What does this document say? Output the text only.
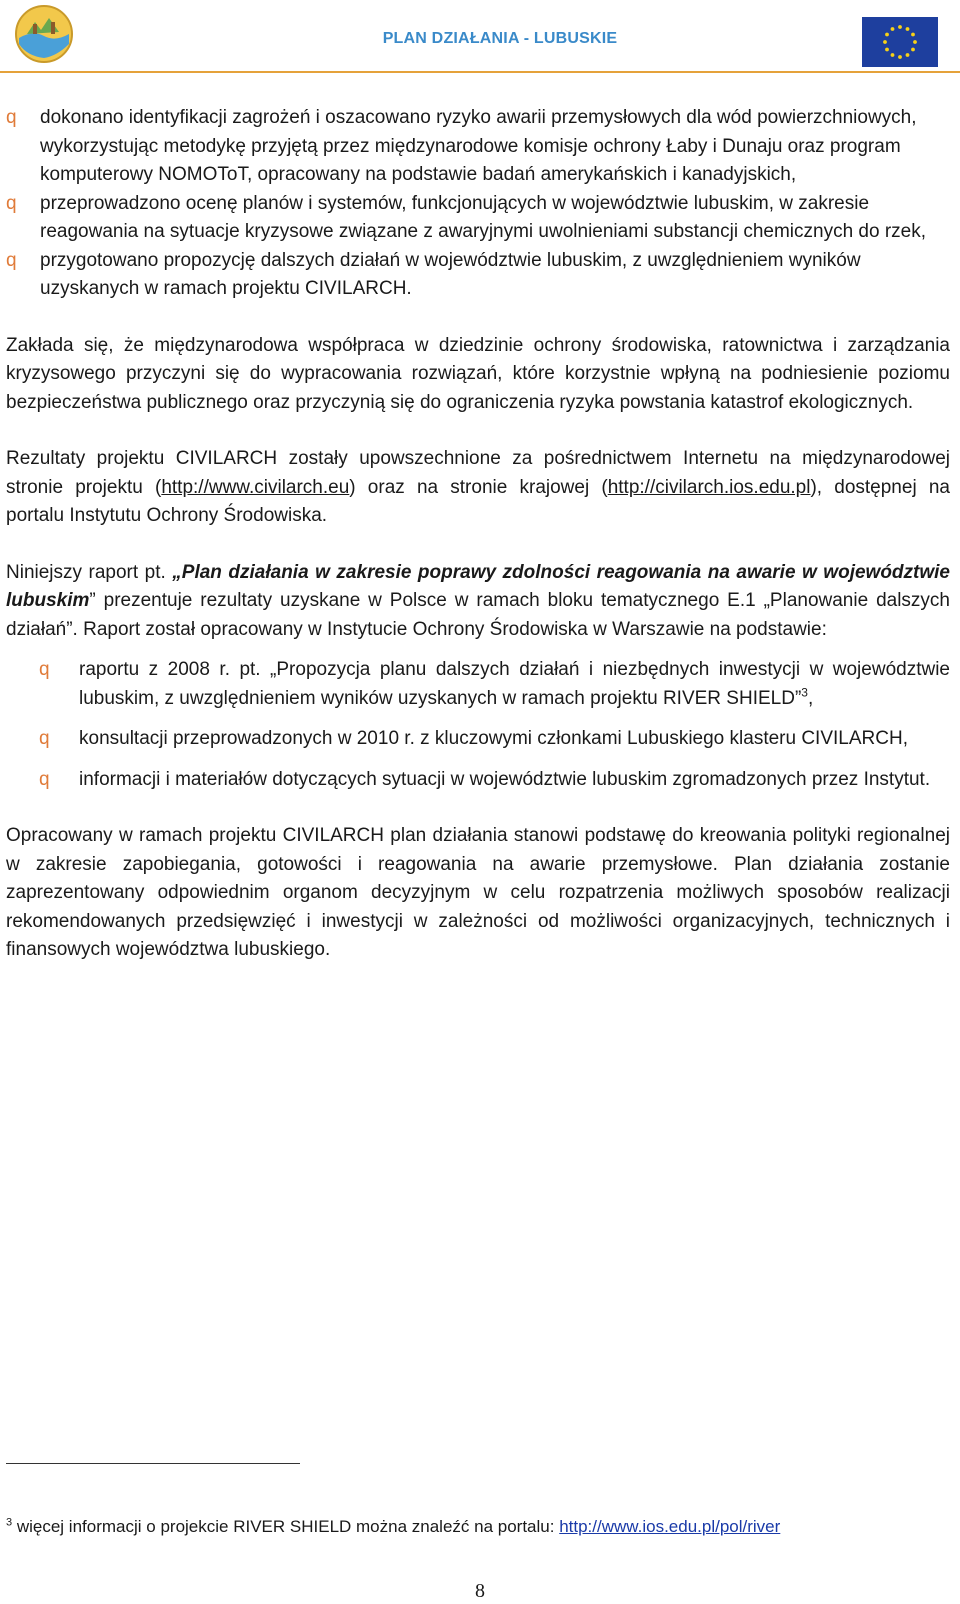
PLAN DZIAŁANIA - LUBUSKIE
q dokonano identyfikacji zagrożeń i oszacowano ryzyko awarii przemysłowych dla wód powierzchniowych, wykorzystując metodykę przyjętą przez międzynarodowe komisje ochrony Łaby i Dunaju oraz program komputerowy NOMOToT, opracowany na podstawie badań amerykańskich i kanadyjskich,
q przeprowadzono ocenę planów i systemów, funkcjonujących w województwie lubuskim, w zakresie reagowania na sytuacje kryzysowe związane z awaryjnymi uwolnieniami substancji chemicznych do rzek,
q przygotowano propozycję dalszych działań w województwie lubuskim, z uwzględnieniem wyników uzyskanych w ramach projektu CIVILARCH.

Zakłada się, że międzynarodowa współpraca w dziedzinie ochrony środowiska, ratownictwa i zarządzania kryzysowego przyczyni się do wypracowania rozwiązań, które korzystnie wpłyną na podniesienie poziomu bezpieczeństwa publicznego oraz przyczynią się do ograniczenia ryzyka powstania katastrof ekologicznych.

Rezultaty projektu CIVILARCH zostały upowszechnione za pośrednictwem Internetu na międzynarodowej stronie projektu (http://www.civilarch.eu) oraz na stronie krajowej (http://civilarch.ios.edu.pl), dostępnej na portalu Instytutu Ochrony Środowiska.

Niniejszy raport pt. „Plan działania w zakresie poprawy zdolności reagowania na awarie w województwie lubuskim” prezentuje rezultaty uzyskane w Polsce w ramach bloku tematycznego E.1 „Planowanie dalszych działań”. Raport został opracowany w Instytucie Ochrony Środowiska w Warszawie na podstawie:

q raportu z 2008 r. pt. „Propozycja planu dalszych działań i niezbędnych inwestycji w województwie lubuskim, z uwzględnieniem wyników uzyskanych w ramach projektu RIVER SHIELD”$^3$,
q konsultacji przeprowadzonych w 2010 r. z kluczowymi członkami Lubuskiego klasteru CIVILARCH,
q informacji i materiałów dotyczących sytuacji w województwie lubuskim zgromadzonych przez Instytut.

Opracowany w ramach projektu CIVILARCH plan działania stanowi podstawę do kreowania polityki regionalnej w zakresie zapobiegania, gotowości i reagowania na awarie przemysłowe. Plan działania zostanie zaprezentowany odpowiednim organom decyzyjnym w celu rozpatrzenia możliwych sposobów realizacji rekomendowanych przedsięwzięć i inwestycji w zależności od możliwości organizacyjnych, technicznych i finansowych województwa lubuskiego.

$^3$ więcej informacji o projekcie RIVER SHIELD można znaleźć na portalu: http://www.ios.edu.pl/pol/river
8
